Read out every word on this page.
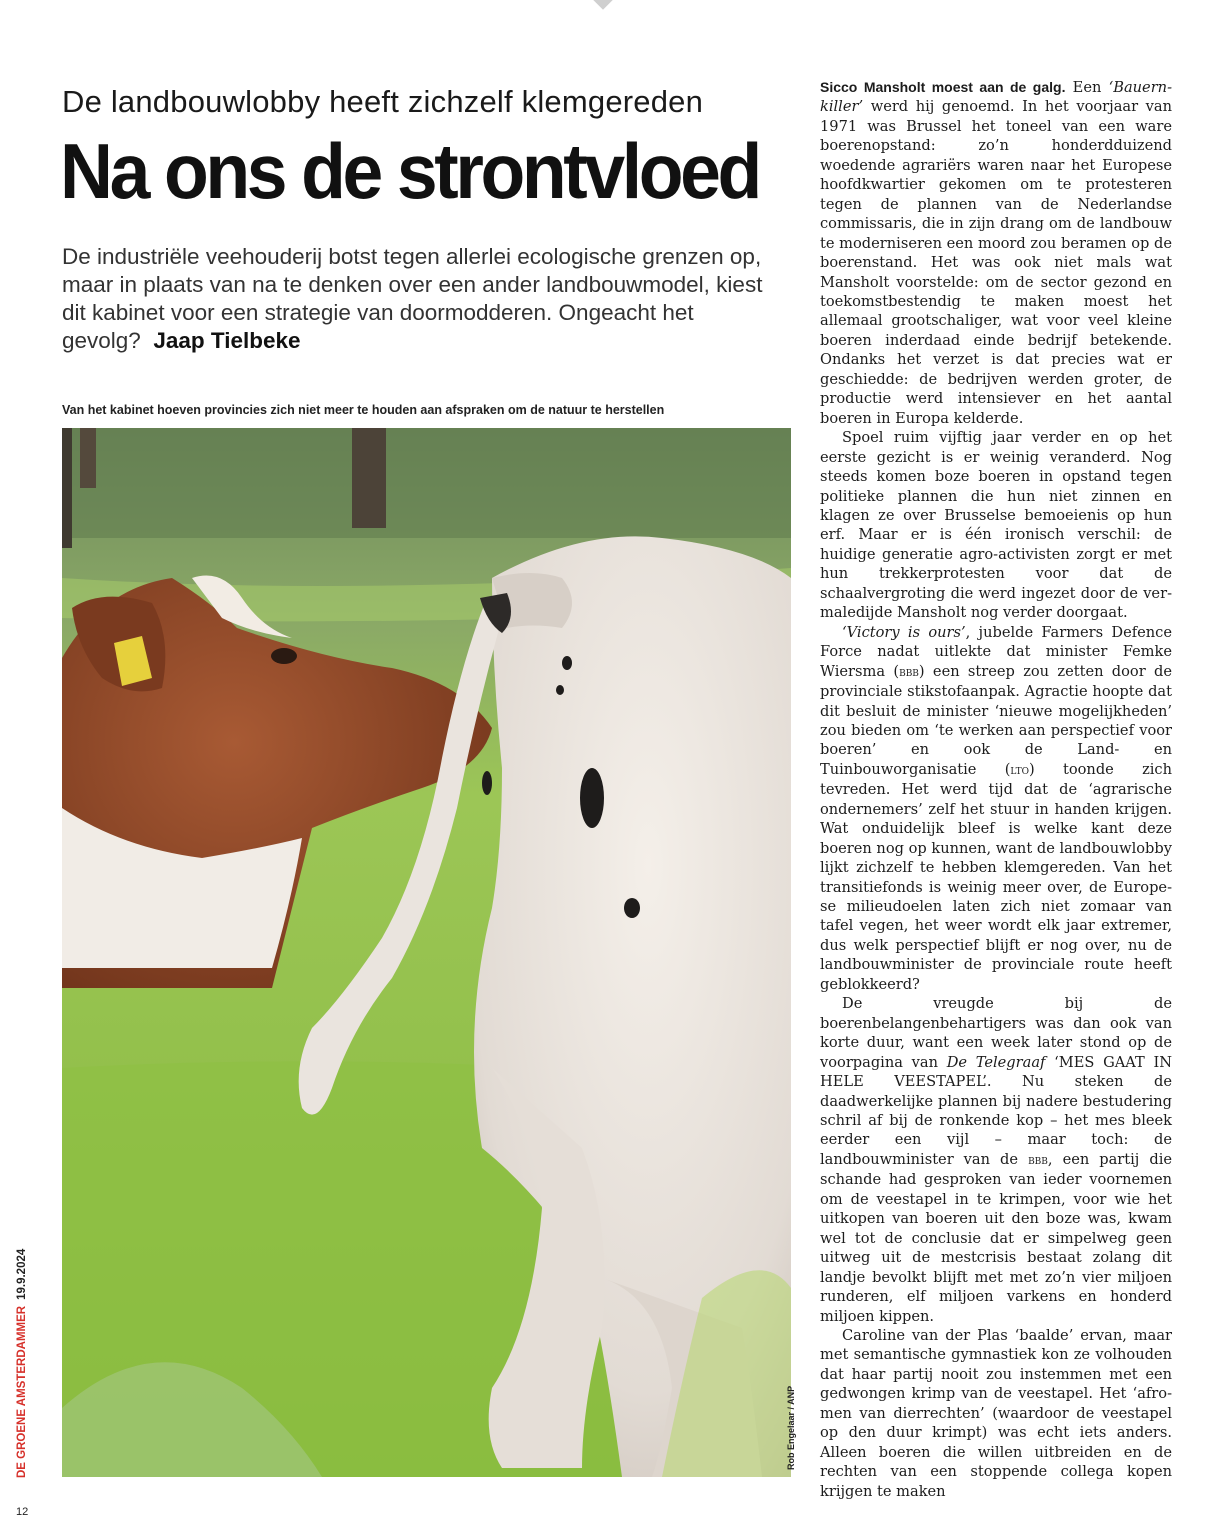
De landbouwlobby heeft zichzelf klemgereden
Na ons de strontvloed
De industriële veehouderij botst tegen allerlei ecologische grenzen op, maar in plaats van na te denken over een ander landbouwmodel, kiest dit kabinet voor een strategie van doormodderen. Ongeacht het gevolg? Jaap Tielbeke
Van het kabinet hoeven provincies zich niet meer te houden aan afspraken om de natuur te herstellen
Rob Engelaar / ANP
DE GROENE AMSTERDAMMER19.9.2024
12

Sicco Mansholt moest aan de galg. Een ‘Bauernkiller’ werd hij genoemd. In het voorjaar van 1971 was Brussel het toneel van een ware boerenopstand: zo’n honderdduizend woedende agrariërs waren naar het Europese hoofdkwartier gekomen om te protesteren tegen de plannen van de Nederlandse commissaris, die in zijn drang om de landbouw te moderniseren een moord zou beramen op de boerenstand. Het was ook niet mals wat Mansholt voorstelde: om de sector gezond en toekomstbestendig te maken moest het allemaal grootschaliger, wat voor veel kleine boeren inderdaad einde bedrijf betekende. Ondanks het verzet is dat precies wat er geschiedde: de bedrijven werden groter, de productie werd intensiever en het aantal boeren in Europa kelderde.

Spoel ruim vijftig jaar verder en op het eerste gezicht is er weinig veranderd. Nog steeds komen boze boeren in opstand tegen politieke plannen die hun niet zinnen en klagen ze over Brusselse bemoeienis op hun erf. Maar er is één ironisch verschil: de huidige generatie agro-activisten zorgt er met hun trekkerprotesten voor dat de schaalvergroting die werd ingezet door de vermaledijde Mansholt nog verder doorgaat.

‘Victory is ours’, jubelde Farmers Defence Force nadat uitlekte dat minister Femke Wiersma (bbb) een streep zou zetten door de provinciale stikstofaanpak. Agractie hoopte dat dit besluit de minister ‘nieuwe mogelijkheden’ zou bieden om ‘te werken aan perspectief voor boeren’ en ook de Land- en Tuinbouworganisatie (lto) toonde zich tevreden. Het werd tijd dat de ‘agrarische ondernemers’ zelf het stuur in handen krijgen. Wat onduidelijk bleef is welke kant deze boeren nog op kunnen, want de landbouwlobby lijkt zichzelf te hebben klemgereden. Van het transitiefonds is weinig meer over, de Europese milieudoelen laten zich niet zomaar van tafel vegen, het weer wordt elk jaar extremer, dus welk perspectief blijft er nog over, nu de landbouwminister de provinciale route heeft geblokkeerd?

De vreugde bij de boerenbelangenbehartigers was dan ook van korte duur, want een week later stond op de voorpagina van De Telegraaf ‘MES GAAT IN HELE VEESTAPEL’. Nu steken de daadwerkelijke plannen bij nadere bestudering schril af bij de ronkende kop – het mes bleek eerder een vijl – maar toch: de landbouwminister van de bbb, een partij die schande had gesproken van ieder voornemen om de veestapel in te krimpen, voor wie het uitkopen van boeren uit den boze was, kwam wel tot de conclusie dat er simpelweg geen uitweg uit de mestcrisis bestaat zolang dit landje bevolkt blijft met met zo’n vier miljoen runderen, elf miljoen varkens en honderd miljoen kippen.

Caroline van der Plas ‘baalde’ ervan, maar met semantische gymnastiek kon ze volhouden dat haar partij nooit zou instemmen met een gedwongen krimp van de veestapel. Het ‘afromen van dierrechten’ (waardoor de veestapel op den duur krimpt) was echt iets anders. Alleen boeren die willen uitbreiden en de rechten van een stoppende collega kopen krijgen te maken
